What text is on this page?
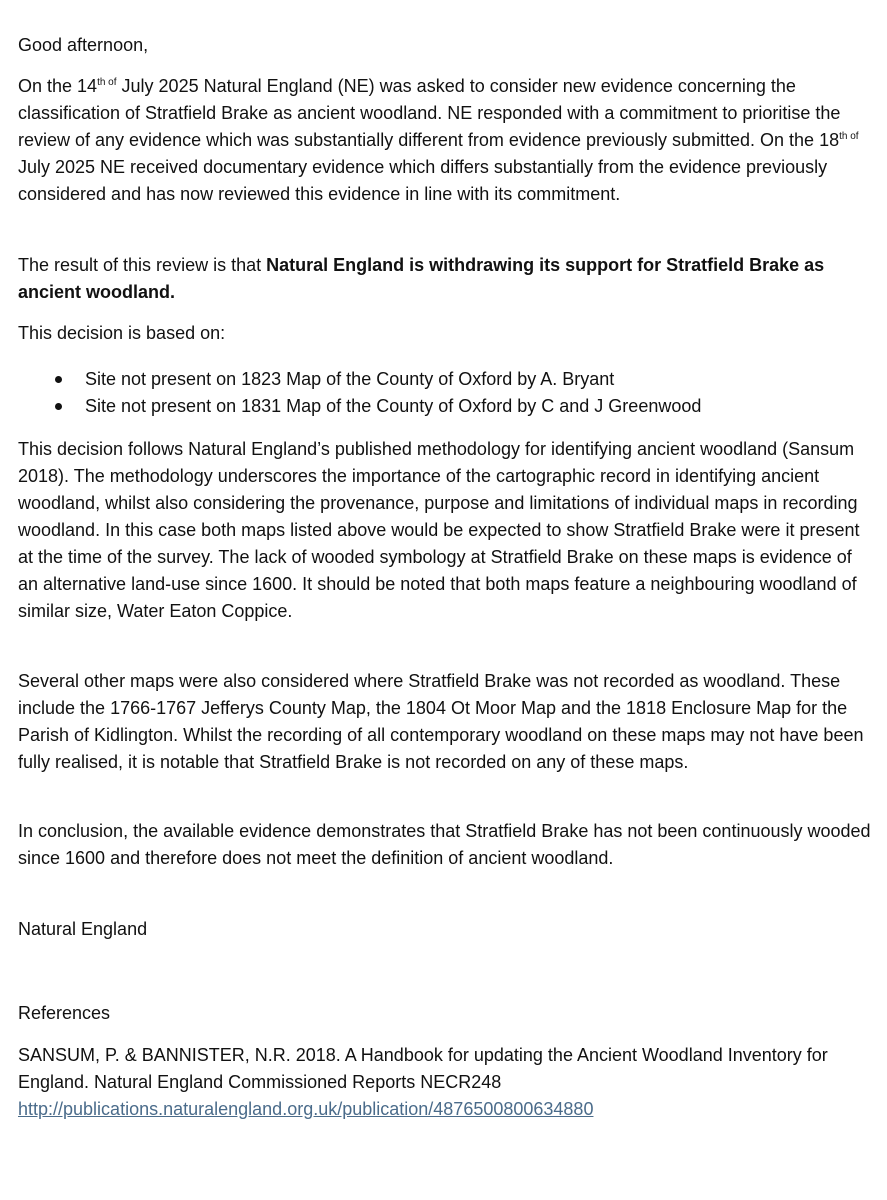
Good afternoon,

On the $14^{th of}$ July 2025 Natural England (NE) was asked to consider new evidence concerning the classification of Stratfield Brake as ancient woodland. NE responded with a commitment to prioritise the review of any evidence which was substantially different from evidence previously submitted. On the $18^{th of}$ July 2025 NE received documentary evidence which differs substantially from the evidence previously considered and has now reviewed this evidence in line with its commitment.

The result of this review is that Natural England is withdrawing its support for Stratfield Brake as ancient woodland.

This decision is based on:

Site not present on 1823 Map of the County of Oxford by A. Bryant
Site not present on 1831 Map of the County of Oxford by C and J Greenwood

This decision follows Natural England’s published methodology for identifying ancient woodland (Sansum 2018). The methodology underscores the importance of the cartographic record in identifying ancient woodland, whilst also considering the provenance, purpose and limitations of individual maps in recording woodland. In this case both maps listed above would be expected to show Stratfield Brake were it present at the time of the survey. The lack of wooded symbology at Stratfield Brake on these maps is evidence of an alternative land-use since 1600. It should be noted that both maps feature a neighbouring woodland of similar size, Water Eaton Coppice.

Several other maps were also considered where Stratfield Brake was not recorded as woodland. These include the 1766-1767 Jefferys County Map, the 1804 Ot Moor Map and the 1818 Enclosure Map for the Parish of Kidlington. Whilst the recording of all contemporary woodland on these maps may not have been fully realised, it is notable that Stratfield Brake is not recorded on any of these maps.

In conclusion, the available evidence demonstrates that Stratfield Brake has not been continuously wooded since 1600 and therefore does not meet the definition of ancient woodland.

Natural England

References

SANSUM, P. & BANNISTER, N.R. 2018. A Handbook for updating the Ancient Woodland Inventory for England. Natural England Commissioned Reports NECR248
http://publications.naturalengland.org.uk/publication/4876500800634880
